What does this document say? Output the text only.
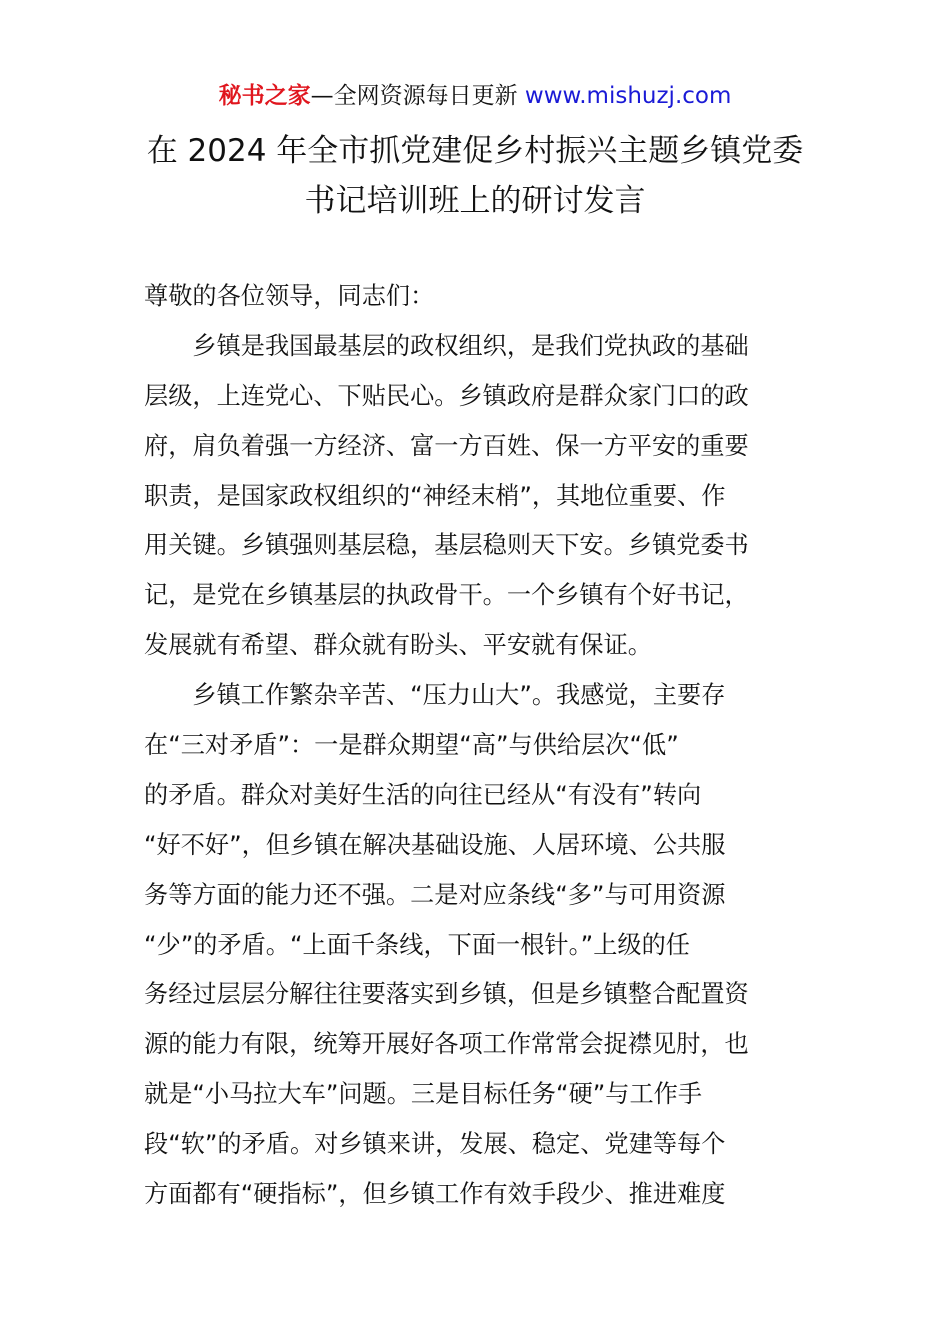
秘书之家—全网资源每日更新 www.mishuzj.com
在 2024 年全市抓党建促乡村振兴主题乡镇党委
书记培训班上的研讨发言
尊敬的各位领导，同志们：
　　乡镇是我国最基层的政权组织，是我们党执政的基础
层级，上连党心、下贴民心。乡镇政府是群众家门口的政
府，肩负着强一方经济、富一方百姓、保一方平安的重要
职责，是国家政权组织的“神经末梢”，其地位重要、作
用关键。乡镇强则基层稳，基层稳则天下安。乡镇党委书
记，是党在乡镇基层的执政骨干。一个乡镇有个好书记，
发展就有希望、群众就有盼头、平安就有保证。
　　乡镇工作繁杂辛苦、“压力山大”。我感觉，主要存
在“三对矛盾”：一是群众期望“高”与供给层次“低”
的矛盾。群众对美好生活的向往已经从“有没有”转向
“好不好”，但乡镇在解决基础设施、人居环境、公共服
务等方面的能力还不强。二是对应条线“多”与可用资源
“少”的矛盾。“上面千条线，下面一根针。”上级的任
务经过层层分解往往要落实到乡镇，但是乡镇整合配置资
源的能力有限，统筹开展好各项工作常常会捉襟见肘，也
就是“小马拉大车”问题。三是目标任务“硬”与工作手
段“软”的矛盾。对乡镇来讲，发展、稳定、党建等每个
方面都有“硬指标”，但乡镇工作有效手段少、推进难度
